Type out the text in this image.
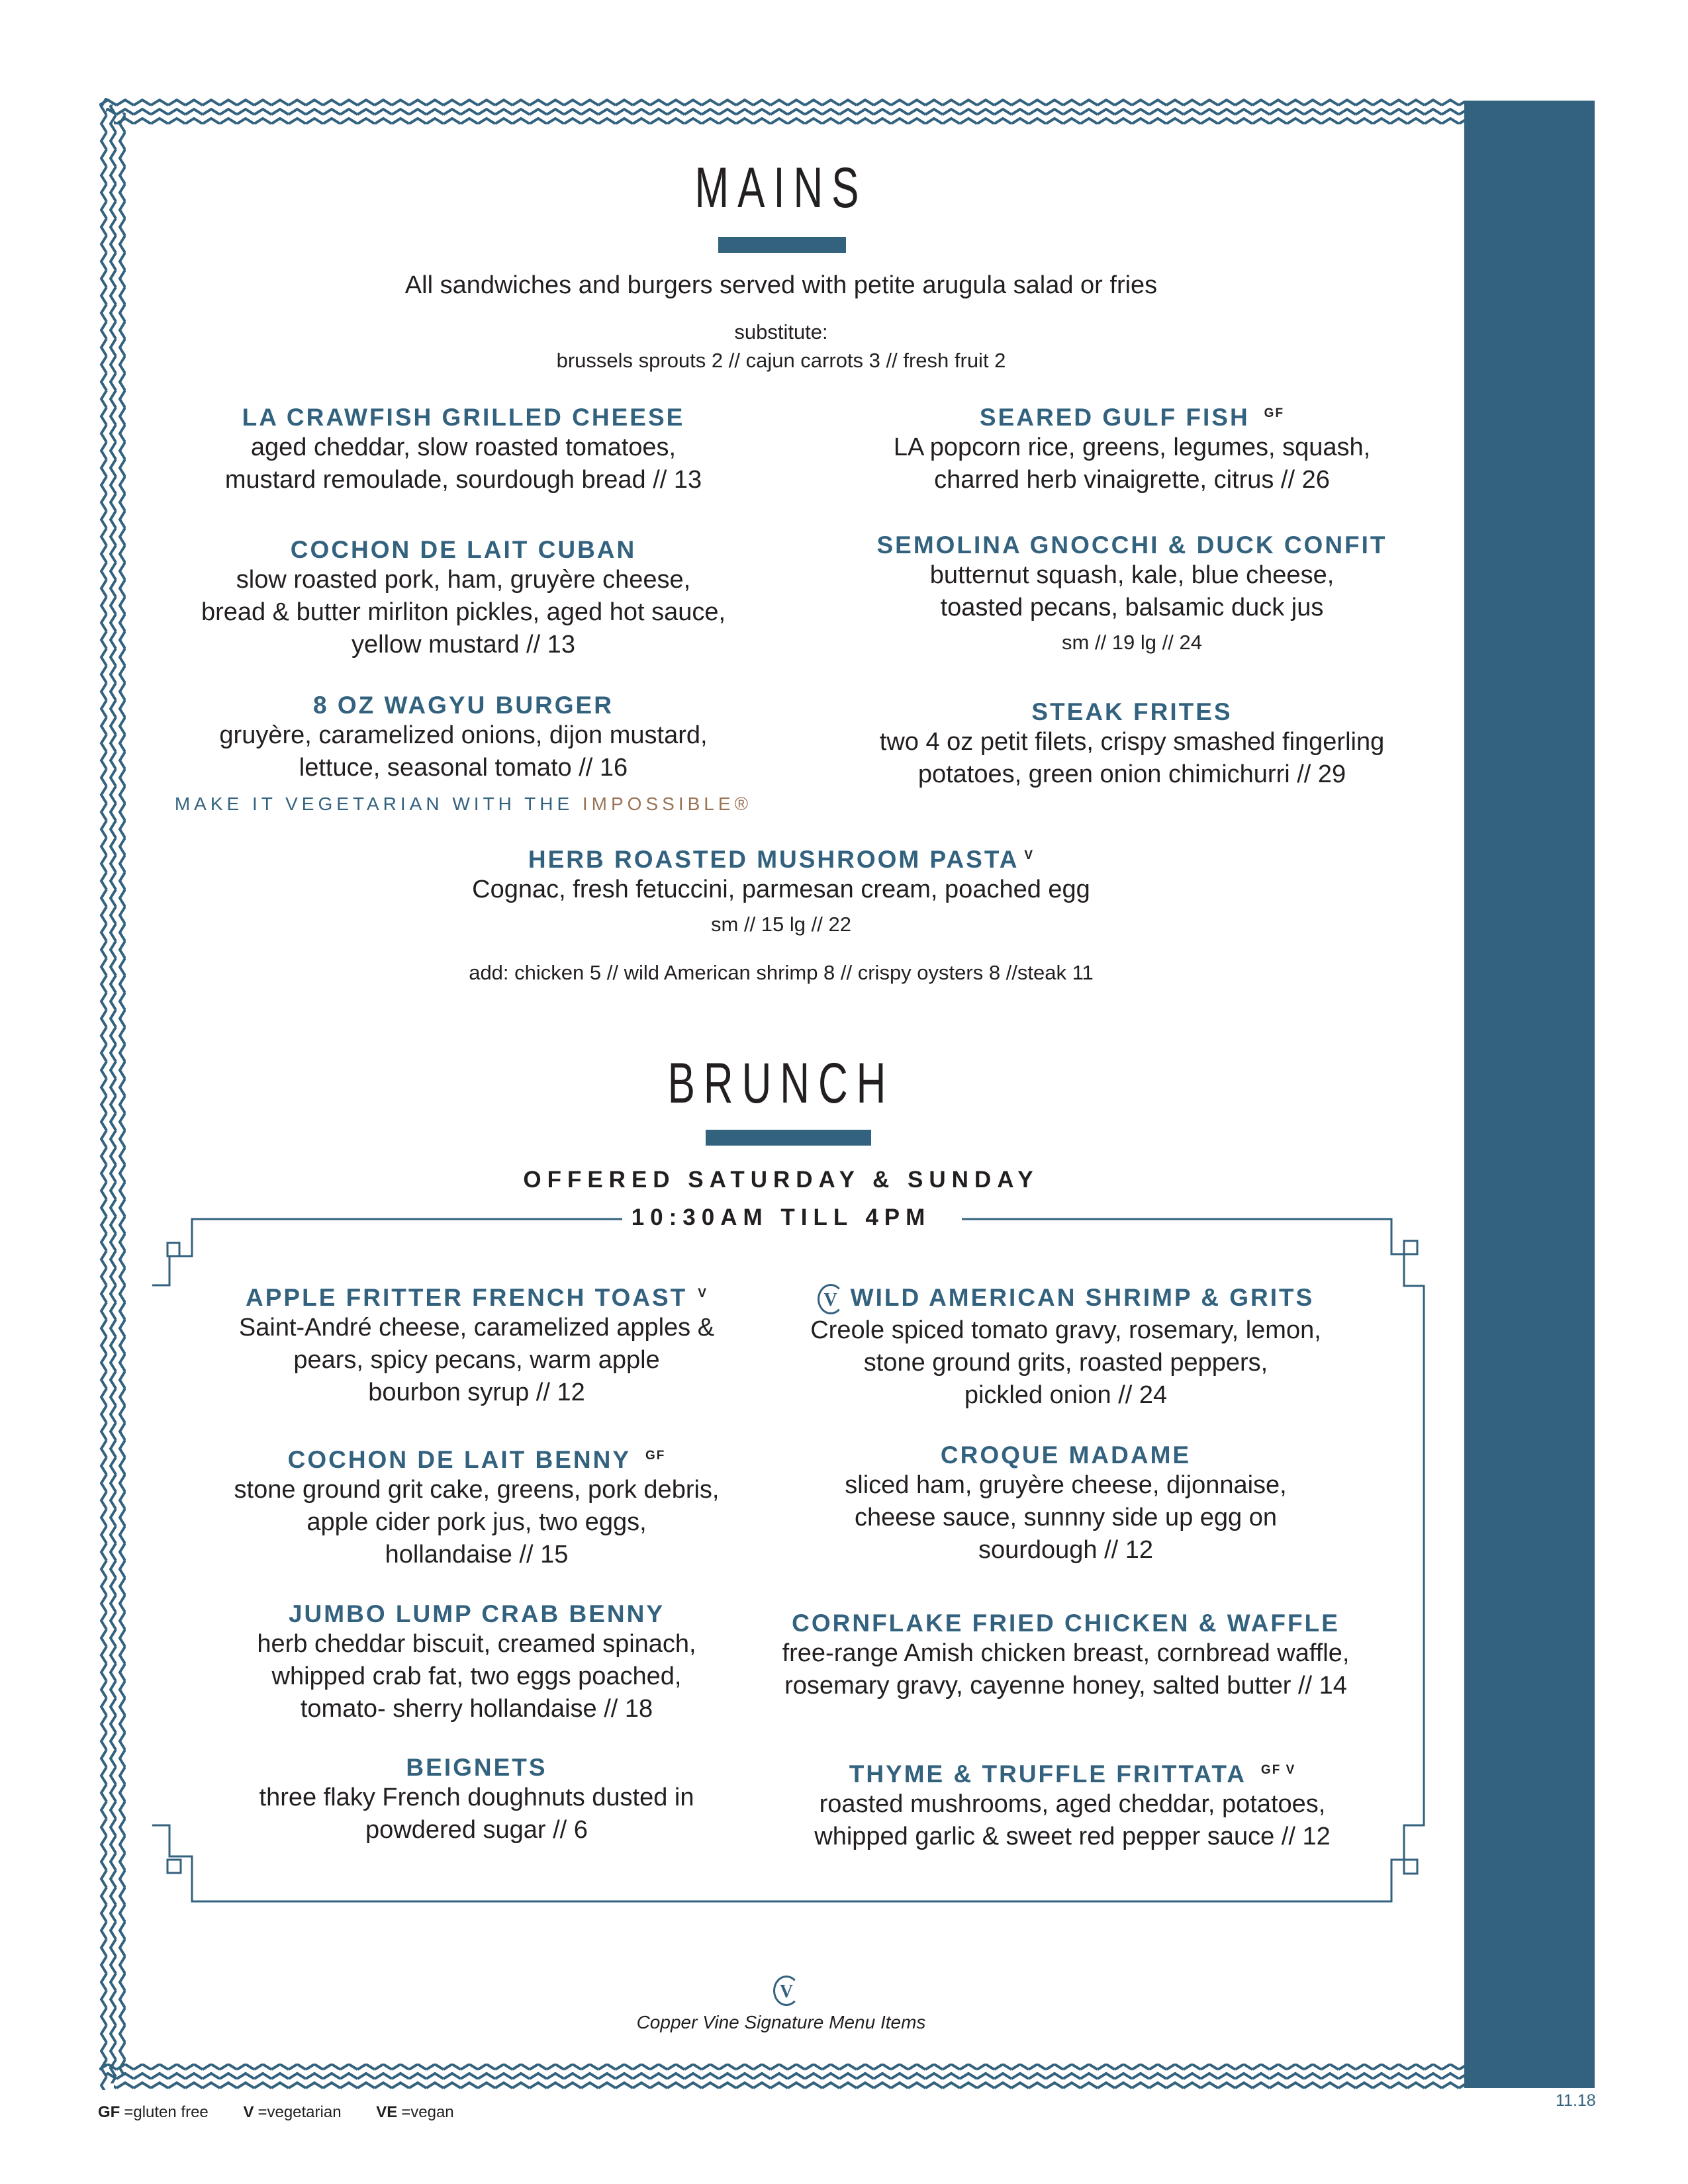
MAINS
All sandwiches and burgers served with petite arugula salad or fries
substitute:
brussels sprouts 2 // cajun carrots 3 // fresh fruit 2
LA CRAWFISH GRILLED CHEESE
aged cheddar, slow roasted tomatoes,
mustard remoulade, sourdough bread // 13
SEARED GULF FISH $^{GF}$
LA popcorn rice, greens, legumes, squash,
charred herb vinaigrette, citrus // 26
COCHON DE LAIT CUBAN
slow roasted pork, ham, gruyère cheese,
bread & butter mirliton pickles, aged hot sauce,
yellow mustard // 13
SEMOLINA GNOCCHI & DUCK CONFIT
butternut squash, kale, blue cheese,
toasted pecans, balsamic duck jus
sm // 19 lg // 24
8 OZ WAGYU BURGER
gruyère, caramelized onions, dijon mustard,
lettuce, seasonal tomato // 16
MAKE IT VEGETARIAN WITH THE IMPOSSIBLE®
STEAK FRITES
two 4 oz petit filets, crispy smashed fingerling
potatoes, green onion chimichurri // 29
HERB ROASTED MUSHROOM PASTA $^V$
Cognac, fresh fetuccini, parmesan cream, poached egg
sm // 15 lg // 22
add: chicken 5 // wild American shrimp 8 // crispy oysters 8 //steak 11
BRUNCH
OFFERED SATURDAY & SUNDAY
10:30AM TILL 4PM
APPLE FRITTER FRENCH TOAST $^V$
Saint-André cheese, caramelized apples &
pears, spicy pecans, warm apple
bourbon syrup // 12
V WILD AMERICAN SHRIMP & GRITS
Creole spiced tomato gravy, rosemary, lemon,
stone ground grits, roasted peppers,
pickled onion // 24
COCHON DE LAIT BENNY $^{GF}$
stone ground grit cake, greens, pork debris,
apple cider pork jus, two eggs,
hollandaise // 15
CROQUE MADAME
sliced ham, gruyère cheese, dijonnaise,
cheese sauce, sunnny side up egg on
sourdough // 12
JUMBO LUMP CRAB BENNY
herb cheddar biscuit, creamed spinach,
whipped crab fat, two eggs poached,
tomato- sherry hollandaise // 18
CORNFLAKE FRIED CHICKEN & WAFFLE
free-range Amish chicken breast, cornbread waffle,
rosemary gravy, cayenne honey, salted butter // 14
BEIGNETS
three flaky French doughnuts dusted in
powdered sugar // 6
THYME & TRUFFLE FRITTATA $^{GF V}$
roasted mushrooms, aged cheddar, potatoes,
whipped garlic & sweet red pepper sauce // 12
V
Copper Vine Signature Menu Items
GF =gluten free V =vegetarian VE =vegan
11.18
